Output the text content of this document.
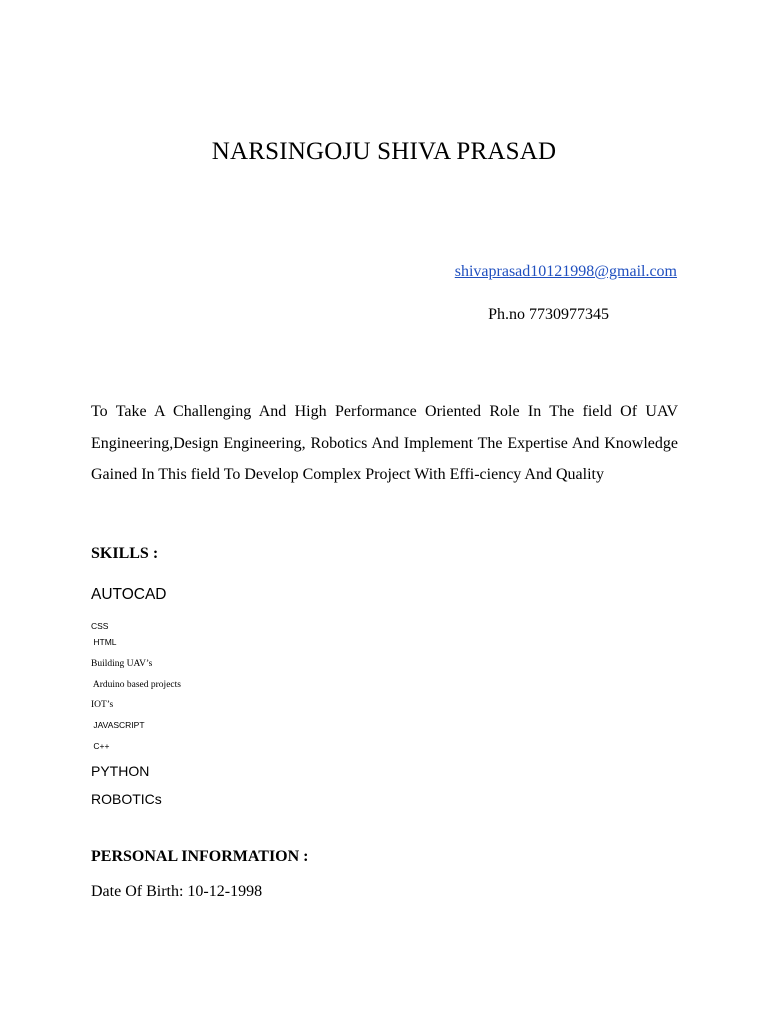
NARSINGOJU SHIVA PRASAD
shivaprasad10121998@gmail.com
Ph.no 7730977345
To Take A Challenging And High Performance Oriented Role In The field Of UAV Engineering,Design Engineering, Robotics And Implement The Expertise And Knowledge Gained In This field To Develop Complex Project With Effi-ciency And Quality
SKILLS :
AUTOCAD
CSS
HTML
Building UAV’s
Arduino based projects
IOT’s
JAVASCRIPT
C++
PYTHON
ROBOTICs
PERSONAL INFORMATION :
Date Of Birth: 10-12-1998
